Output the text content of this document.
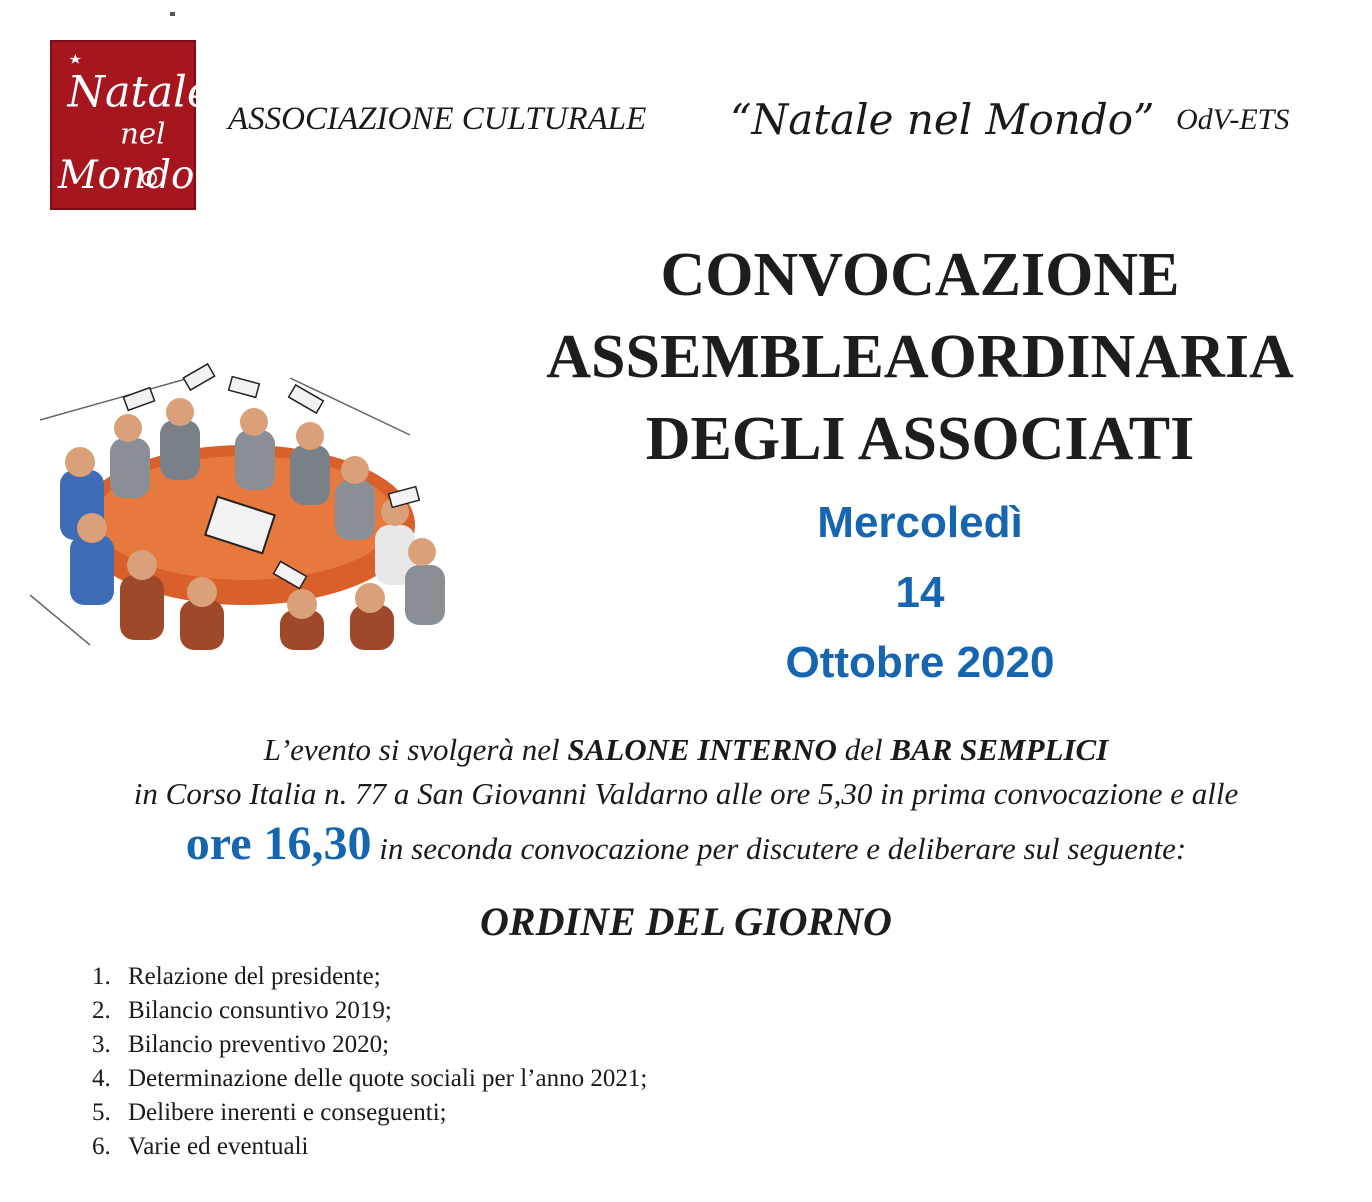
Natale
nel
Mondo
ASSOCIAZIONE CULTURALE “Natale nel Mondo” OdV-ETS
CONVOCAZIONE
ASSEMBLEAORDINARIA
DEGLI ASSOCIATI
Mercoledì
14
Ottobre 2020
L’evento si svolgerà nel SALONE INTERNO del BAR SEMPLICI
in Corso Italia n. 77 a San Giovanni Valdarno alle ore 5,30 in prima convocazione e alle
ore 16,30 in seconda convocazione per discutere e deliberare sul seguente:
ORDINE DEL GIORNO
1. Relazione del presidente;
2. Bilancio consuntivo 2019;
3. Bilancio preventivo 2020;
4. Determinazione delle quote sociali per l’anno 2021;
5. Delibere inerenti e conseguenti;
6. Varie ed eventuali
